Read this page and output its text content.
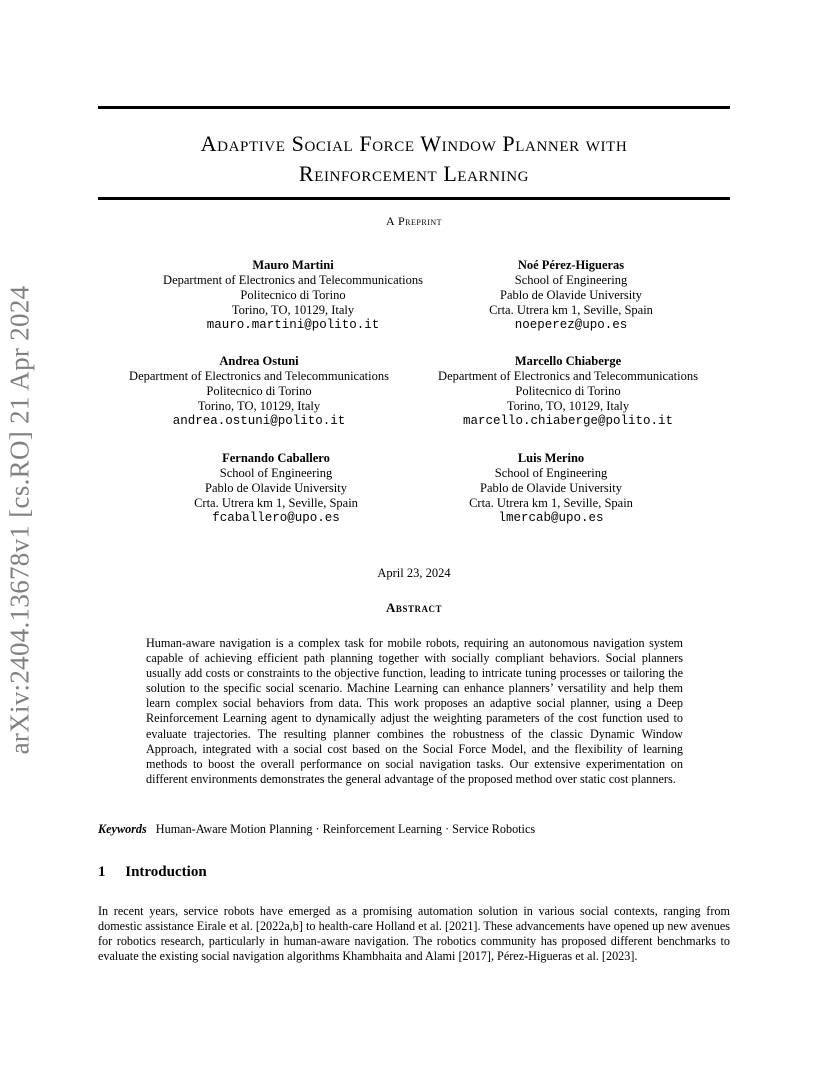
arXiv:2404.13678v1 [cs.RO] 21 Apr 2024
Adaptive Social Force Window Planner with
Reinforcement Learning
A Preprint
Mauro Martini
Department of Electronics and Telecommunications
Politecnico di Torino
Torino, TO, 10129, Italy
mauro.martini@polito.it
Noé Pérez-Higueras
School of Engineering
Pablo de Olavide University
Crta. Utrera km 1, Seville, Spain
noeperez@upo.es
Andrea Ostuni
Department of Electronics and Telecommunications
Politecnico di Torino
Torino, TO, 10129, Italy
andrea.ostuni@polito.it
Marcello Chiaberge
Department of Electronics and Telecommunications
Politecnico di Torino
Torino, TO, 10129, Italy
marcello.chiaberge@polito.it
Fernando Caballero
School of Engineering
Pablo de Olavide University
Crta. Utrera km 1, Seville, Spain
fcaballero@upo.es
Luis Merino
School of Engineering
Pablo de Olavide University
Crta. Utrera km 1, Seville, Spain
lmercab@upo.es
April 23, 2024
Abstract
Human-aware navigation is a complex task for mobile robots, requiring an autonomous navigation system capable of achieving efficient path planning together with socially compliant behaviors. Social planners usually add costs or constraints to the objective function, leading to intricate tuning processes or tailoring the solution to the specific social scenario. Machine Learning can enhance planners’ versatility and help them learn complex social behaviors from data. This work proposes an adaptive social planner, using a Deep Reinforcement Learning agent to dynamically adjust the weighting parameters of the cost function used to evaluate trajectories. The resulting planner combines the robustness of the classic Dynamic Window Approach, integrated with a social cost based on the Social Force Model, and the flexibility of learning methods to boost the overall performance on social navigation tasks. Our extensive experimentation on different environments demonstrates the general advantage of the proposed method over static cost planners.
Keywords Human-Aware Motion Planning · Reinforcement Learning · Service Robotics
1 Introduction
In recent years, service robots have emerged as a promising automation solution in various social contexts, ranging from domestic assistance Eirale et al. [2022a,b] to health-care Holland et al. [2021]. These advancements have opened up new avenues for robotics research, particularly in human-aware navigation. The robotics community has proposed different benchmarks to evaluate the existing social navigation algorithms Khambhaita and Alami [2017], Pérez-Higueras et al. [2023].
